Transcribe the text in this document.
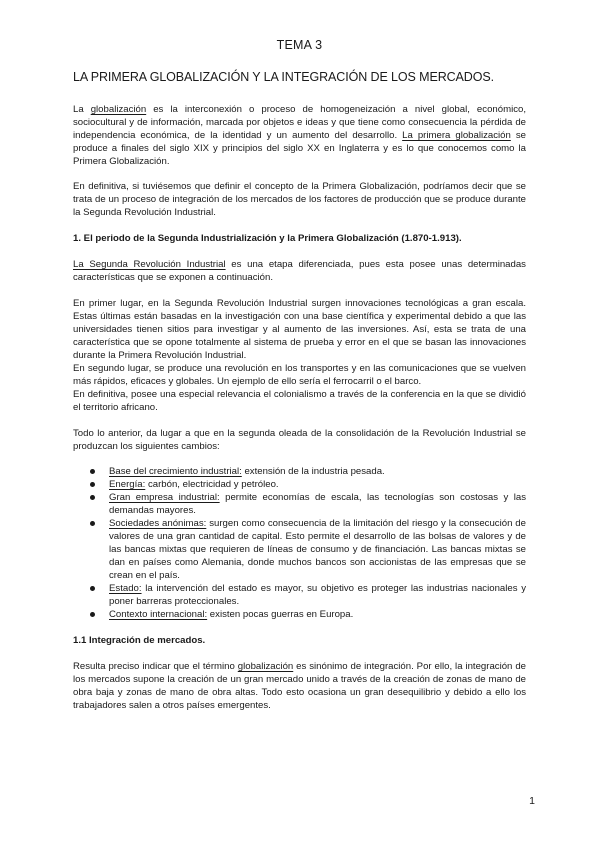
TEMA 3
LA PRIMERA GLOBALIZACIÓN Y LA INTEGRACIÓN DE LOS MERCADOS.

La globalización es la interconexión o proceso de homogeneización a nivel global, económico, sociocultural y de información, marcada por objetos e ideas y que tiene como consecuencia la pérdida de independencia económica, de la identidad y un aumento del desarrollo. La primera globalización se produce a finales del siglo XIX y principios del siglo XX en Inglaterra y es lo que conocemos como la Primera Globalización.

En definitiva, si tuviésemos que definir el concepto de la Primera Globalización, podríamos decir que se trata de un proceso de integración de los mercados de los factores de producción que se produce durante la Segunda Revolución Industrial.

1. El periodo de la Segunda Industrialización y la Primera Globalización (1.870-1.913).

La Segunda Revolución Industrial es una etapa diferenciada, pues esta posee unas determinadas características que se exponen a continuación.

En primer lugar, en la Segunda Revolución Industrial surgen innovaciones tecnológicas a gran escala. Estas últimas están basadas en la investigación con una base científica y experimental debido a que las universidades tienen sitios para investigar y al aumento de las inversiones. Así, esta se trata de una característica que se opone totalmente al sistema de prueba y error en el que se basan las innovaciones durante la Primera Revolución Industrial.

En segundo lugar, se produce una revolución en los transportes y en las comunicaciones que se vuelven más rápidos, eficaces y globales. Un ejemplo de ello sería el ferrocarril o el barco.

En definitiva, posee una especial relevancia el colonialismo a través de la conferencia en la que se dividió el territorio africano.

Todo lo anterior, da lugar a que en la segunda oleada de la consolidación de la Revolución Industrial se produzcan los siguientes cambios:

Base del crecimiento industrial: extensión de la industria pesada.
Energía: carbón, electricidad y petróleo.
Gran empresa industrial: permite economías de escala, las tecnologías son costosas y las demandas mayores.
Sociedades anónimas: surgen como consecuencia de la limitación del riesgo y la consecución de valores de una gran cantidad de capital. Esto permite el desarrollo de las bolsas de valores y de las bancas mixtas que requieren de líneas de consumo y de financiación. Las bancas mixtas se dan en países como Alemania, donde muchos bancos son accionistas de las empresas que se crean en el país.
Estado: la intervención del estado es mayor, su objetivo es proteger las industrias nacionales y poner barreras proteccionales.
Contexto internacional: existen pocas guerras en Europa.

1.1 Integración de mercados.

Resulta preciso indicar que el término globalización es sinónimo de integración. Por ello, la integración de los mercados supone la creación de un gran mercado unido a través de la creación de zonas de mano de obra baja y zonas de mano de obra altas. Todo esto ocasiona un gran desequilibrio y debido a ello los trabajadores salen a otros países emergentes.

1
